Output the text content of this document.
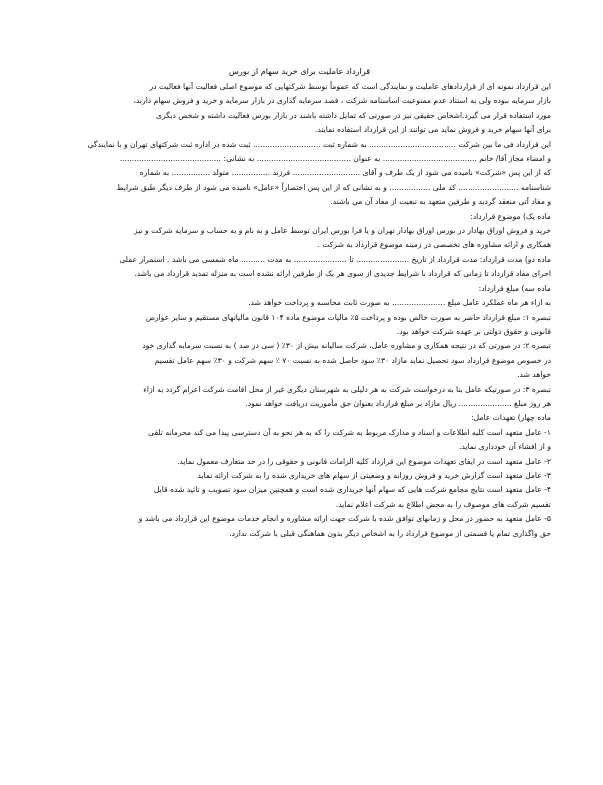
قرارداد عاملیت برای خرید سهام از بورس
این قرارداد نمونه ای از قراردادهای عاملیت و نمایندگی است که عموماً توسط شرکتهایی که موضوع اصلی فعالیت آنها فعالیت در
بازار سرمایه نبوده ولی به استناد عدم ممنوعیت اساسنامه شرکت ، قصد سرمایه گذاری در بازار سرمایه و خرید و فروش سهام دارند،
مورد استفاده قرار می گیرد.اشخاص حقیقی نیز در صورتی که تمایل داشته باشند در بازار بورس فعالیت داشته و شخص دیگری
برای آنها سهام خرید و فروش نماید می توانند از این قرارداد استفاده نمایند.
این قرارداد فی ما بین شرکت .................................... به شماره ثبت ............................ ثبت شده در اداره ثبت شرکتهای تهران و با نمایندگی
و امضاء مجاز آقا/ خانم ....................................... به عنوان ....................................... به نشانی: ..........................................
که از این پس «شرکت» نامیده می شود از یک طرف و آقای ............................ فرزند ................ متولد ................ به شماره
شناسنامه ......................... کد ملی ................. و به نشانی که از این پس اختصاراً «عامل» نامیده می شود از طرف دیگر طبق شرایط
و مفاد آتی منعقد گردید و طرفین متعهد به تبعیت از مفاد آن می باشند.
ماده یک) موضوع قرارداد:
خرید و فروش اوراق بهادار در بورس اوراق بهادار تهران و یا فرا بورس ایران توسط عامل و به نام و به حساب و سرمایه شرکت و نیز
همکاری و ارائه مشاوره های تخصصی در زمینه موضوع قرارداد به شرکت .
ماده دو) مدت قرارداد: مدت قرارداد از تاریخ ...................... تا ...................... به مدت .......... ماه شمسی می باشد . استمرار عملی
اجرای مفاد قرارداد تا زمانی که قرارداد با شرایط جدیدی از سوی هر یک از طرفین ارائه نشده است به منزله تمدید قرارداد می باشد.
ماده سه) مبلغ قرارداد:
به ازاء هر ماه عملکرد عامل مبلغ ...................... به صورت ثابت محاسبه و پرداخت خواهد شد.
تبصره ۱: مبلغ قرارداد حاضر به صورت خالص بوده و پرداخت ۵٪ مالیات موضوع ماده ۱۰۴ قانون مالیاتهای مستقیم و سایر عوارض
قانونی و حقوق دولتی بر عهده شرکت خواهد بود.
تبصره ۲: در صورتی که در نتیجه همکاری و مشاوره عامل، شرکت سالیانه بیش از ۳۰٪ ( سی در صد ) به نسبت سرمایه گذاری خود
در خصوص موضوع قرارداد سود تحصیل نماید مازاد ۳۰٪ سود حاصل شده به نسبت ۷۰ ٪ سهم شرکت و ۳۰٪ سهم عامل تقسیم
خواهد شد.
تبصره ۳: در صورتیکه عامل بنا به درخواست شرکت به هر دلیلی به شهرستان دیگری غیر از محل اقامت شرکت اعزام گردد به ازاء
هر روز مبلغ ...................... ریال مازاد بر مبلغ قرارداد بعنوان حق مأموریت دریافت خواهد نمود.
ماده چهار) تعهدات عامل:
۱- عامل متعهد است کلیه اطلاعات و اسناد و مدارک مربوط به شرکت را که به هر نحو به آن دسترسی پیدا می کند محرمانه تلقی
و از افشاء آن خودداری نماید.
۲- عامل متعهد است در ایفای تعهدات موضوع این قرارداد کلیه الزامات قانونی و حقوقی را در حد متعارف معمول نماید.
۳- عامل متعهد است گزارش خرید و فروش روزانه و وضعیتی از سهام های خریداری شده را به شرکت ارائه نماید
۴- عامل متعهد است نتایج مجامع شرکت هایی که سهام آنها خریداری شده است و همچنین میزان سود تصویب و تائید شده قابل
تقسیم شرکت های موصوف را به محض اطلاع به شرکت اعلام نماید.
۵- عامل متعهد به حضور در محل و زمانهای توافق شده با شرکت جهت ارائه مشاوره و انجام خدمات موضوع این قرارداد می باشد و
حق واگذاری تمام یا قسمتی از موضوع قرارداد را به اشخاص دیگر بدون هماهنگی قبلی با شرکت ندارد.
